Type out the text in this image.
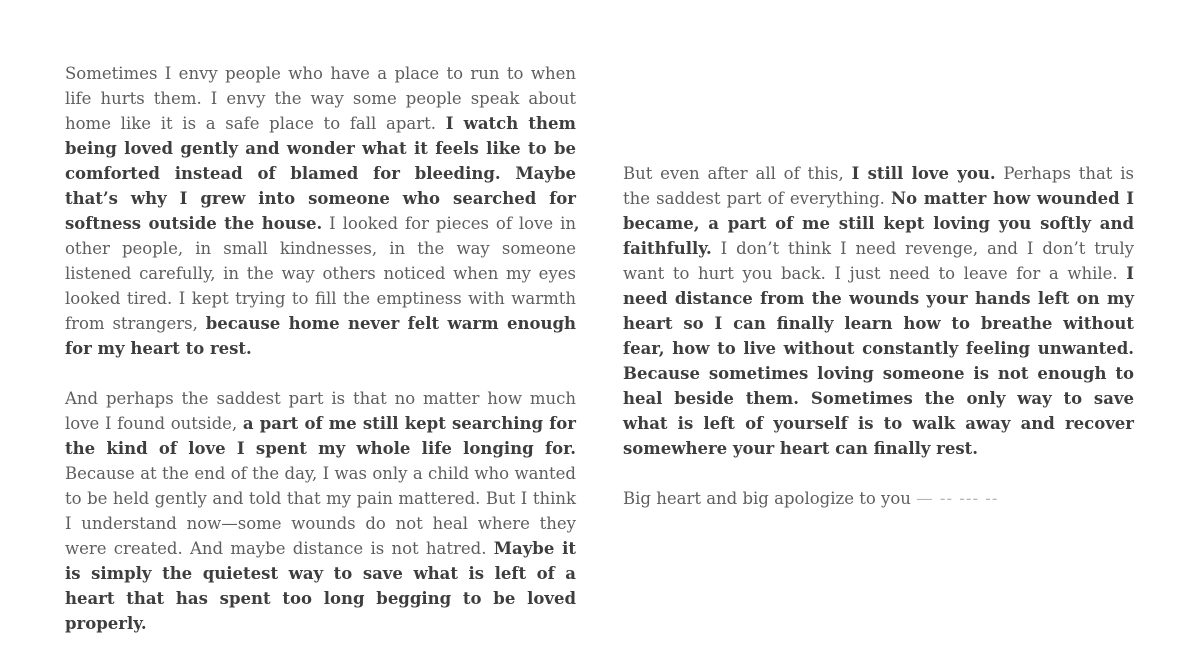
Sometimes I envy people who have a place to run to when life hurts them. I envy the way some people speak about home like it is a safe place to fall apart. I watch them being loved gently and wonder what it feels like to be comforted instead of blamed for bleeding. Maybe that’s why I grew into someone who searched for softness outside the house. I looked for pieces of love in other people, in small kindnesses, in the way someone listened carefully, in the way others noticed when my eyes looked tired. I kept trying to fill the emptiness with warmth from strangers, because home never felt warm enough for my heart to rest.

And perhaps the saddest part is that no matter how much love I found outside, a part of me still kept searching for the kind of love I spent my whole life longing for. Because at the end of the day, I was only a child who wanted to be held gently and told that my pain mattered. But I think I understand now—some wounds do not heal where they were created. And maybe distance is not hatred. Maybe it is simply the quietest way to save what is left of a heart that has spent too long begging to be loved properly.

But even after all of this, I still love you. Perhaps that is the saddest part of everything. No matter how wounded I became, a part of me still kept loving you softly and faithfully. I don’t think I need revenge, and I don’t truly want to hurt you back. I just need to leave for a while. I need distance from the wounds your hands left on my heart so I can finally learn how to breathe without fear, how to live without constantly feeling unwanted. Because sometimes loving someone is not enough to heal beside them. Sometimes the only way to save what is left of yourself is to walk away and recover somewhere your heart can finally rest.

Big heart and big apologize to you — -- --- --
